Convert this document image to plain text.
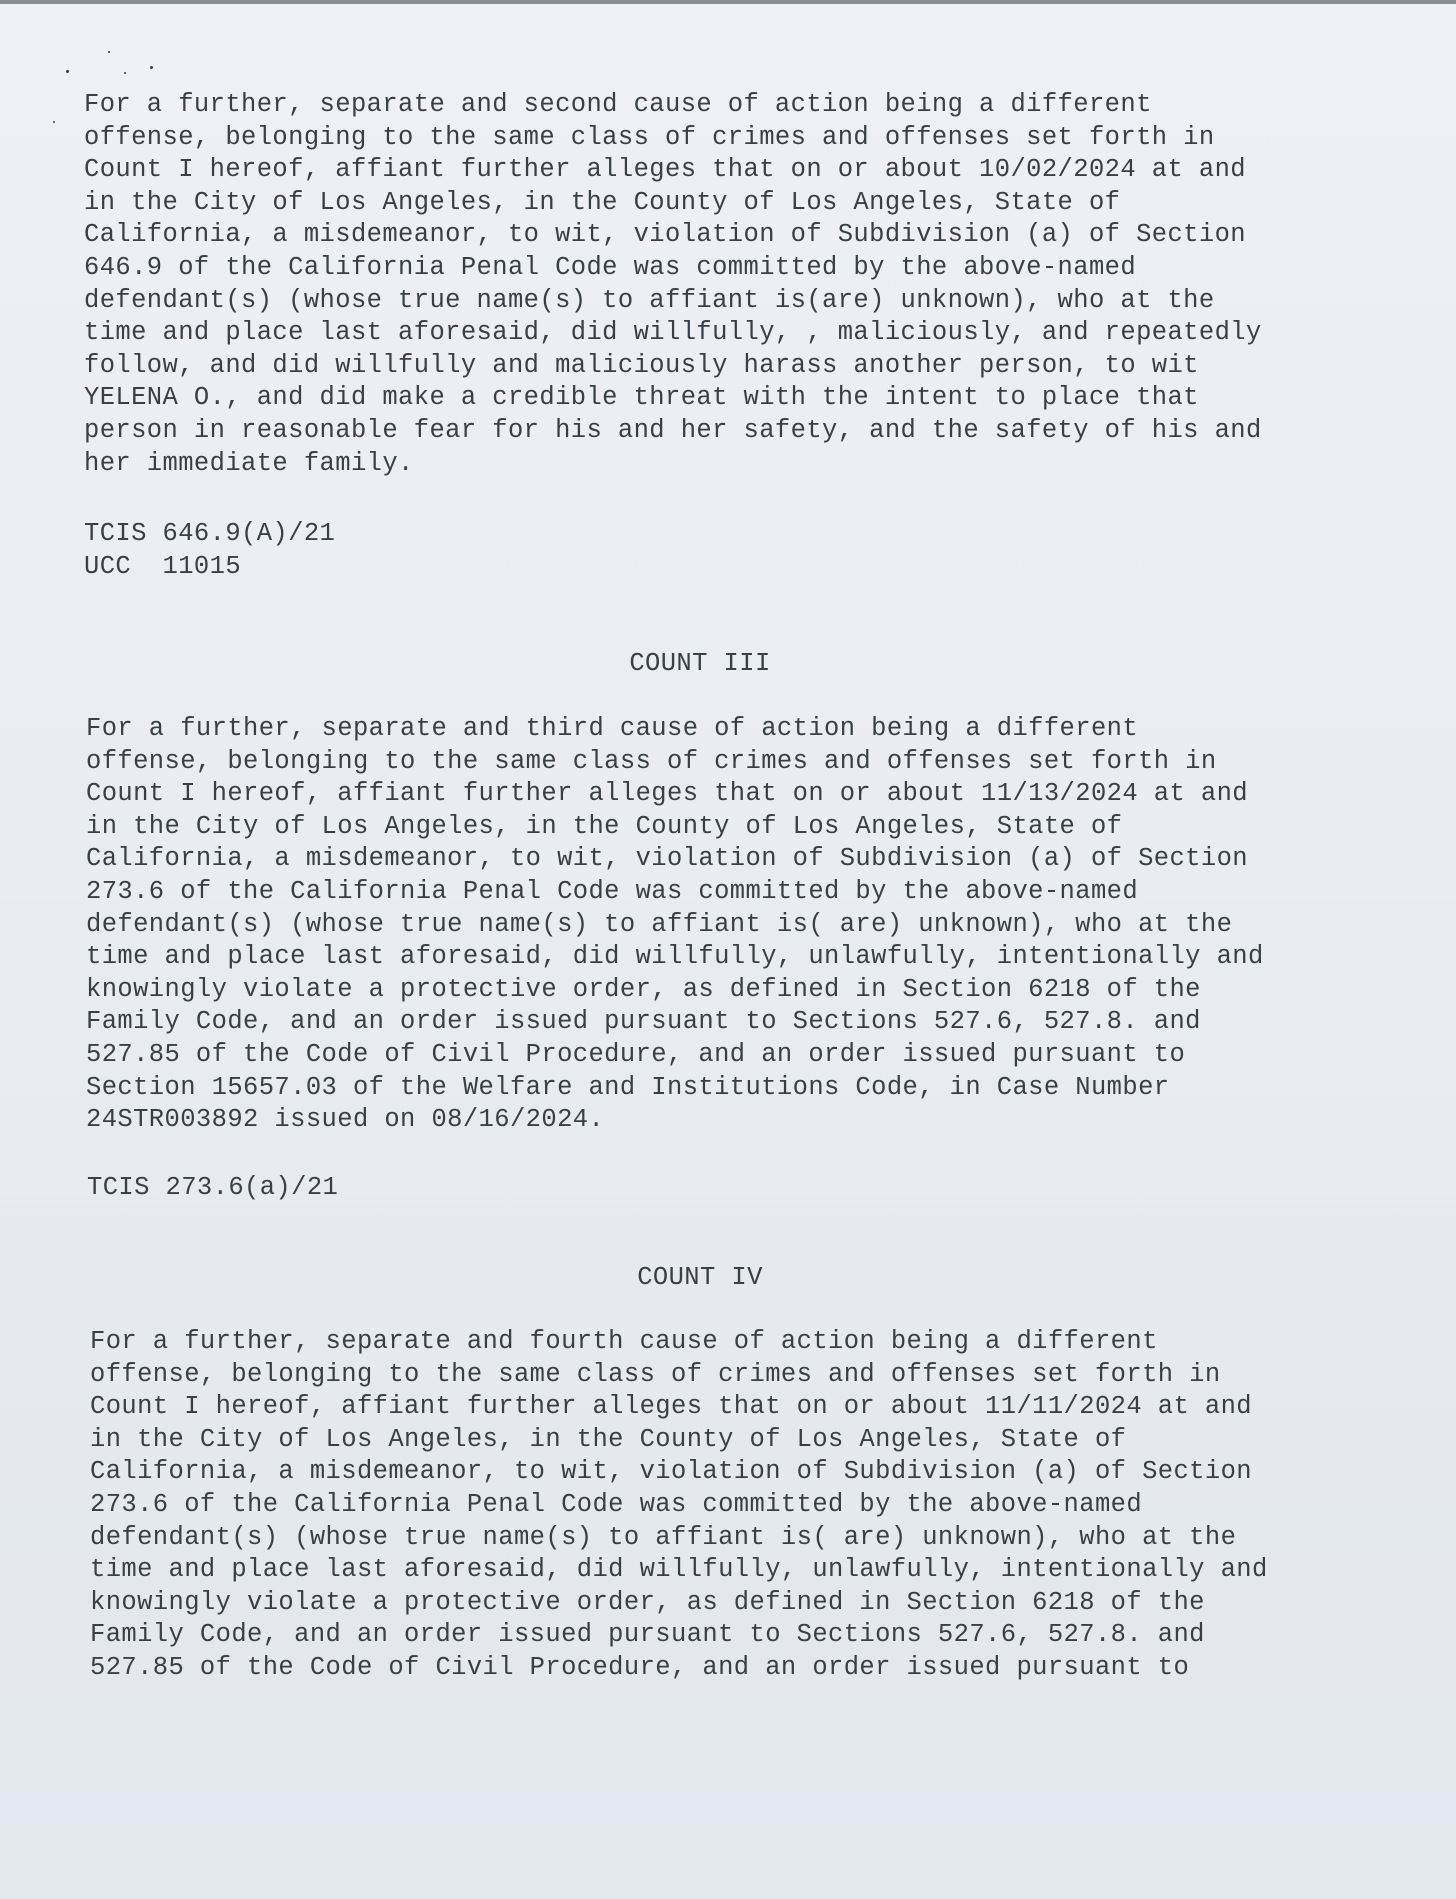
For a further, separate and second cause of action being a different
offense, belonging to the same class of crimes and offenses set forth in
Count I hereof, affiant further alleges that on or about 10/02/2024 at and
in the City of Los Angeles, in the County of Los Angeles, State of
California, a misdemeanor, to wit, violation of Subdivision (a) of Section
646.9 of the California Penal Code was committed by the above-named
defendant(s) (whose true name(s) to affiant is(are) unknown), who at the
time and place last aforesaid, did willfully, , maliciously, and repeatedly
follow, and did willfully and maliciously harass another person, to wit
YELENA O., and did make a credible threat with the intent to place that
person in reasonable fear for his and her safety, and the safety of his and
her immediate family.

TCIS 646.9(A)/21
UCC  11015

COUNT III

For a further, separate and third cause of action being a different
offense, belonging to the same class of crimes and offenses set forth in
Count I hereof, affiant further alleges that on or about 11/13/2024 at and
in the City of Los Angeles, in the County of Los Angeles, State of
California, a misdemeanor, to wit, violation of Subdivision (a) of Section
273.6 of the California Penal Code was committed by the above-named
defendant(s) (whose true name(s) to affiant is( are) unknown), who at the
time and place last aforesaid, did willfully, unlawfully, intentionally and
knowingly violate a protective order, as defined in Section 6218 of the
Family Code, and an order issued pursuant to Sections 527.6, 527.8. and
527.85 of the Code of Civil Procedure, and an order issued pursuant to
Section 15657.03 of the Welfare and Institutions Code, in Case Number
24STR003892 issued on 08/16/2024.

TCIS 273.6(a)/21

COUNT IV

For a further, separate and fourth cause of action being a different
offense, belonging to the same class of crimes and offenses set forth in
Count I hereof, affiant further alleges that on or about 11/11/2024 at and
in the City of Los Angeles, in the County of Los Angeles, State of
California, a misdemeanor, to wit, violation of Subdivision (a) of Section
273.6 of the California Penal Code was committed by the above-named
defendant(s) (whose true name(s) to affiant is( are) unknown), who at the
time and place last aforesaid, did willfully, unlawfully, intentionally and
knowingly violate a protective order, as defined in Section 6218 of the
Family Code, and an order issued pursuant to Sections 527.6, 527.8. and
527.85 of the Code of Civil Procedure, and an order issued pursuant to
